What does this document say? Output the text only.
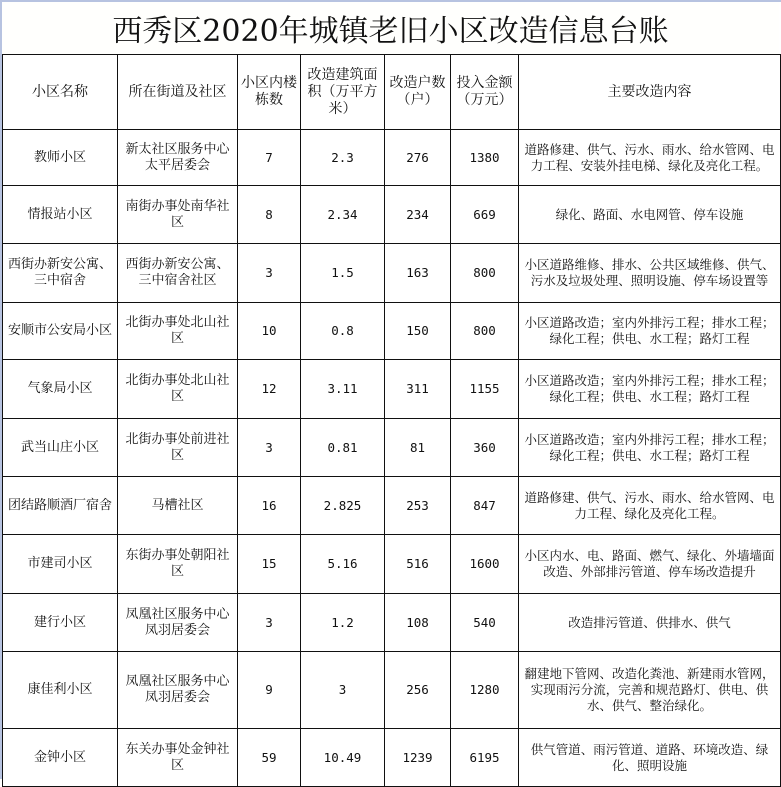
西秀区2020年城镇老旧小区改造信息台账
小区名称	所在街道及社区	小区内楼栋数	改造建筑面积（万平方米）	改造户数（户）	投入金额（万元）	主要改造内容
教师小区	新太社区服务中心太平居委会	7	2.3	276	1380	道路修建、供气、污水、雨水、给水管网、电力工程、安装外挂电梯、绿化及亮化工程。
情报站小区	南街办事处南华社区	8	2.34	234	669	绿化、路面、水电网管、停车设施
西街办新安公寓、三中宿舍	西街办新安公寓、三中宿舍社区	3	1.5	163	800	小区道路维修、排水、公共区域维修、供气、污水及垃圾处理、照明设施、停车场设置等
安顺市公安局小区	北街办事处北山社区	10	0.8	150	800	小区道路改造；室内外排污工程；排水工程；绿化工程；供电、水工程；路灯工程
气象局小区	北街办事处北山社区	12	3.11	311	1155	小区道路改造；室内外排污工程；排水工程；绿化工程；供电、水工程；路灯工程
武当山庄小区	北街办事处前进社区	3	0.81	81	360	小区道路改造；室内外排污工程；排水工程；绿化工程；供电、水工程；路灯工程
团结路顺酒厂宿舍	马槽社区	16	2.825	253	847	道路修建、供气、污水、雨水、给水管网、电力工程、绿化及亮化工程。
市建司小区	东街办事处朝阳社区	15	5.16	516	1600	小区内水、电、路面、燃气、绿化、外墙墙面改造、外部排污管道、停车场改造提升
建行小区	凤凰社区服务中心凤羽居委会	3	1.2	108	540	改造排污管道、供排水、供气
康佳利小区	凤凰社区服务中心凤羽居委会	9	3	256	1280	翻建地下管网、改造化粪池、新建雨水管网，实现雨污分流，完善和规范路灯、供电、供水、供气、整治绿化。
金钟小区	东关办事处金钟社区	59	10.49	1239	6195	供气管道、雨污管道、道路、环境改造、绿化、照明设施
